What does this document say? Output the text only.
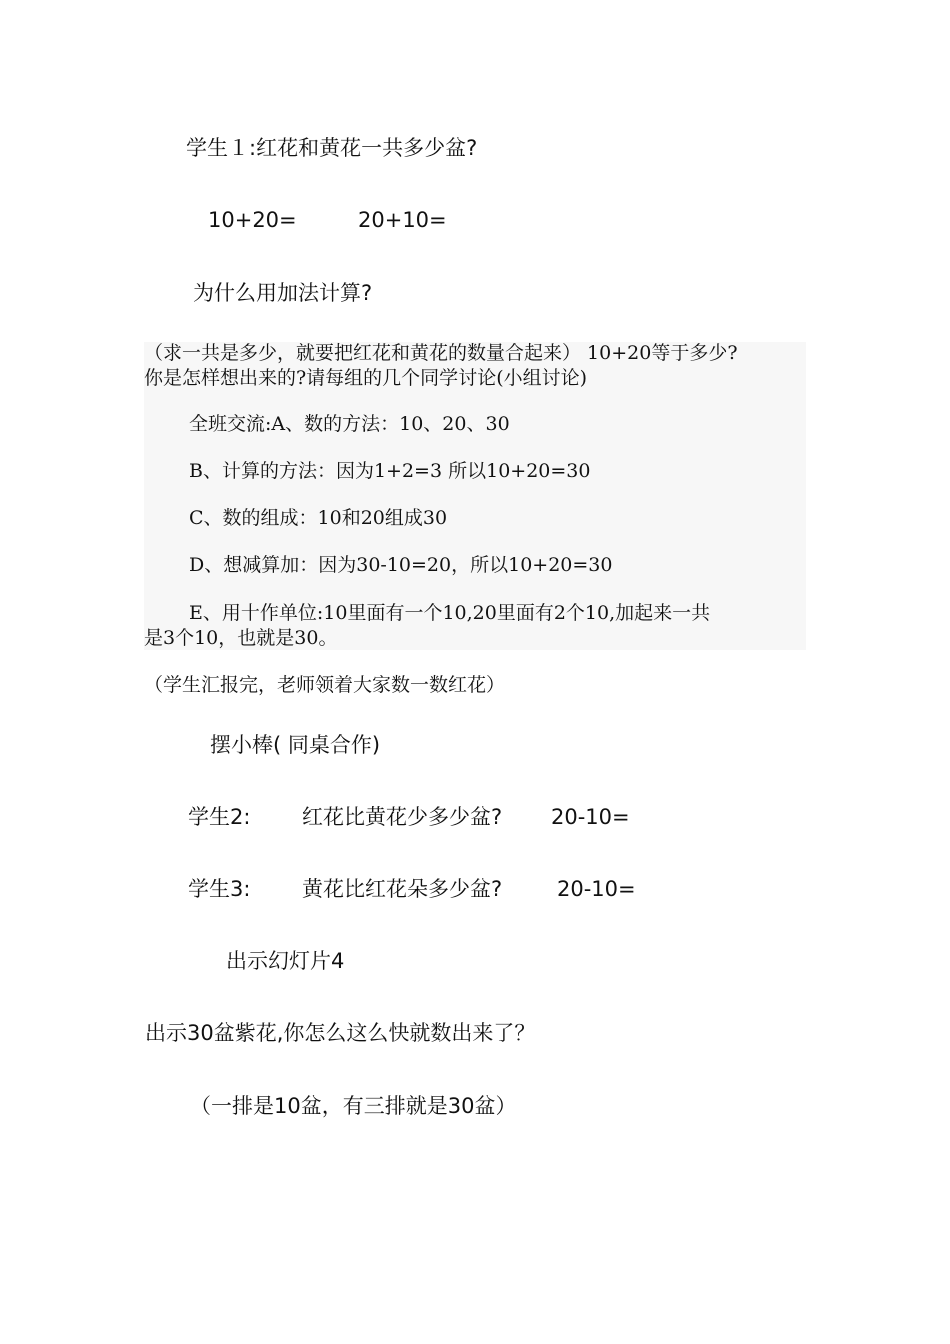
学生１:红花和黄花一共多少盆?
10+20=	20+10=
为什么用加法计算?
（求一共是多少，就要把红花和黄花的数量合起来） 10+20等于多少?
你是怎样想出来的?请每组的几个同学讨论(小组讨论)
全班交流:A、数的方法：10、20、30
B、计算的方法：因为1+2=3 所以10+20=30
C、数的组成：10和20组成30
D、想减算加：因为30-10=20，所以10+20=30
E、用十作单位:10里面有一个10,20里面有2个10,加起来一共
是3个10，也就是30。
（学生汇报完，老师领着大家数一数红花）
摆小棒( 同桌合作)
学生2: 红花比黄花少多少盆? 20-10=
学生3: 黄花比红花朵多少盆?	20-10=
出示幻灯片4
出示30盆紫花,你怎么这么快就数出来了？
（一排是10盆，有三排就是30盆）
